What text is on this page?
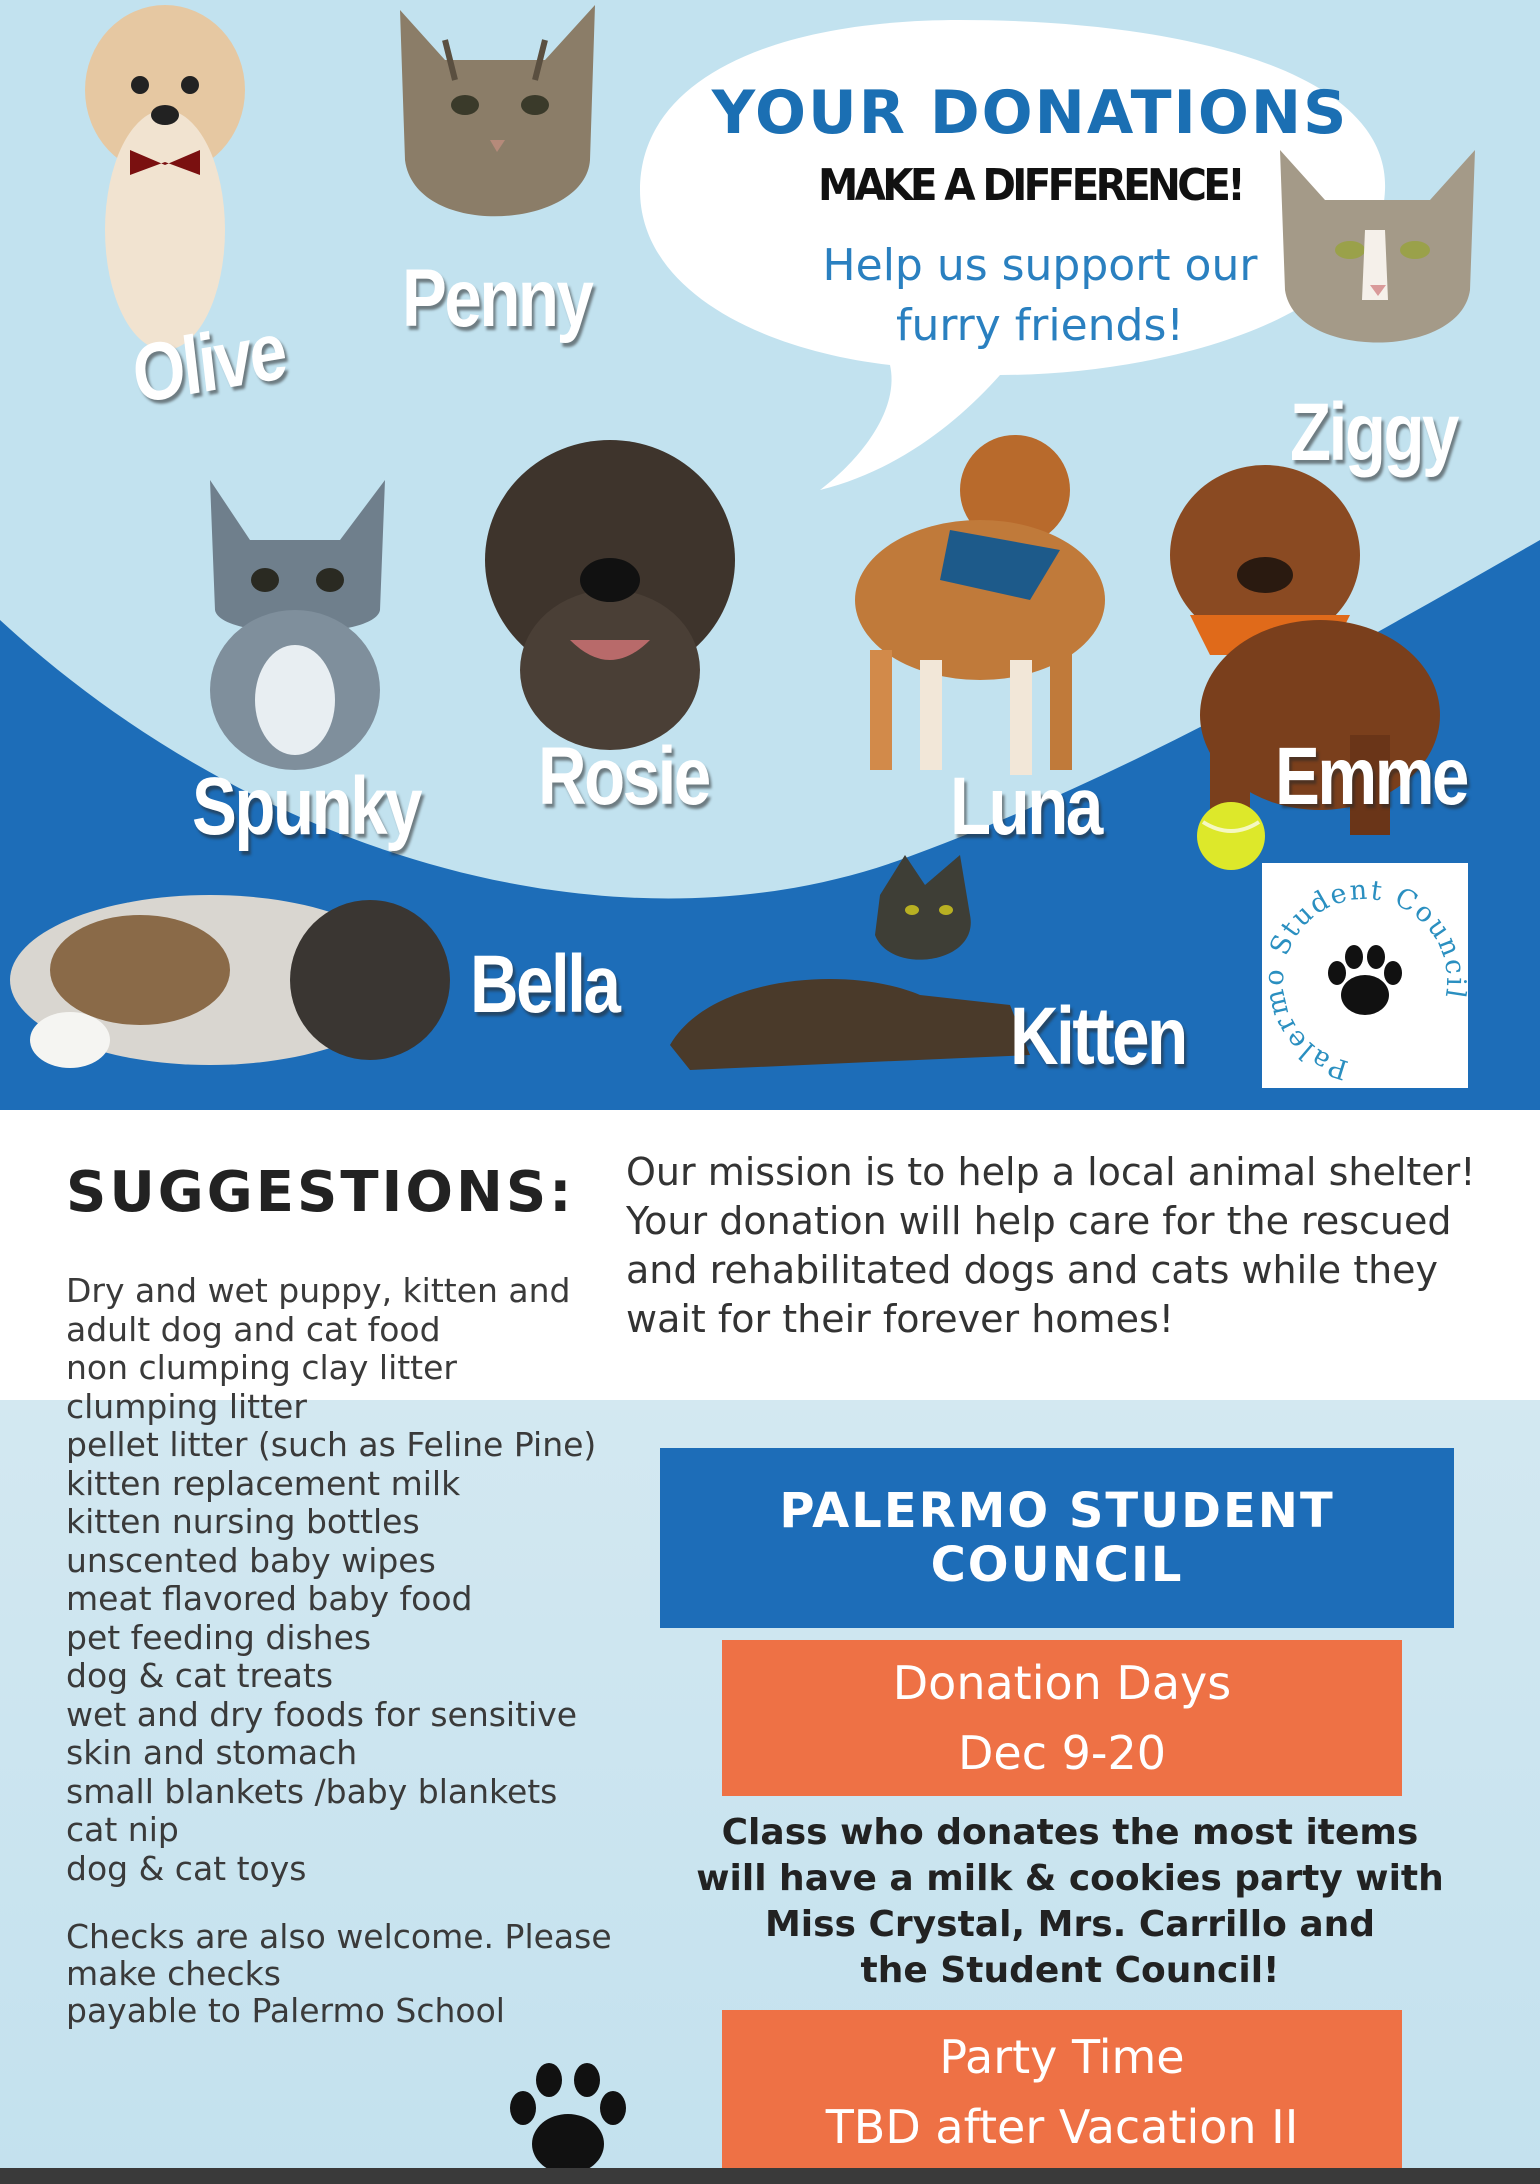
YOUR DONATIONS
MAKE A DIFFERENCE!
Help us support our
furry friends!
Olive
Penny
Ziggy
Spunky Rosie	Luna Emme
Bella
Kitten	Palerm Student Counc l
SUGGESTIONS:
Dry and wet puppy, kitten and
adult dog and cat food
non clumping clay litter
clumping litter
pellet litter (such as Feline Pine)
kitten replacement milk
kitten nursing bottles
unscented baby wipes
meat flavored baby food
pet feeding dishes
dog & cat treats
wet and dry foods for sensitive
skin and stomach
small blankets /baby blankets
cat nip
dog & cat toys
Checks are also welcome. Please
make checks
payable to Palermo School
Our mission is to help a local animal shelter!
Your donation will help care for the rescued
and rehabilitated dogs and cats while they
wait for their forever homes!
PALERMO STUDENT
COUNCIL
Donation Days
Dec 9-20
Class who donates the most items
will have a milk & cookies party with
Miss Crystal, Mrs. Carrillo and
the Student Council!
Party Time
TBD after Vacation II
